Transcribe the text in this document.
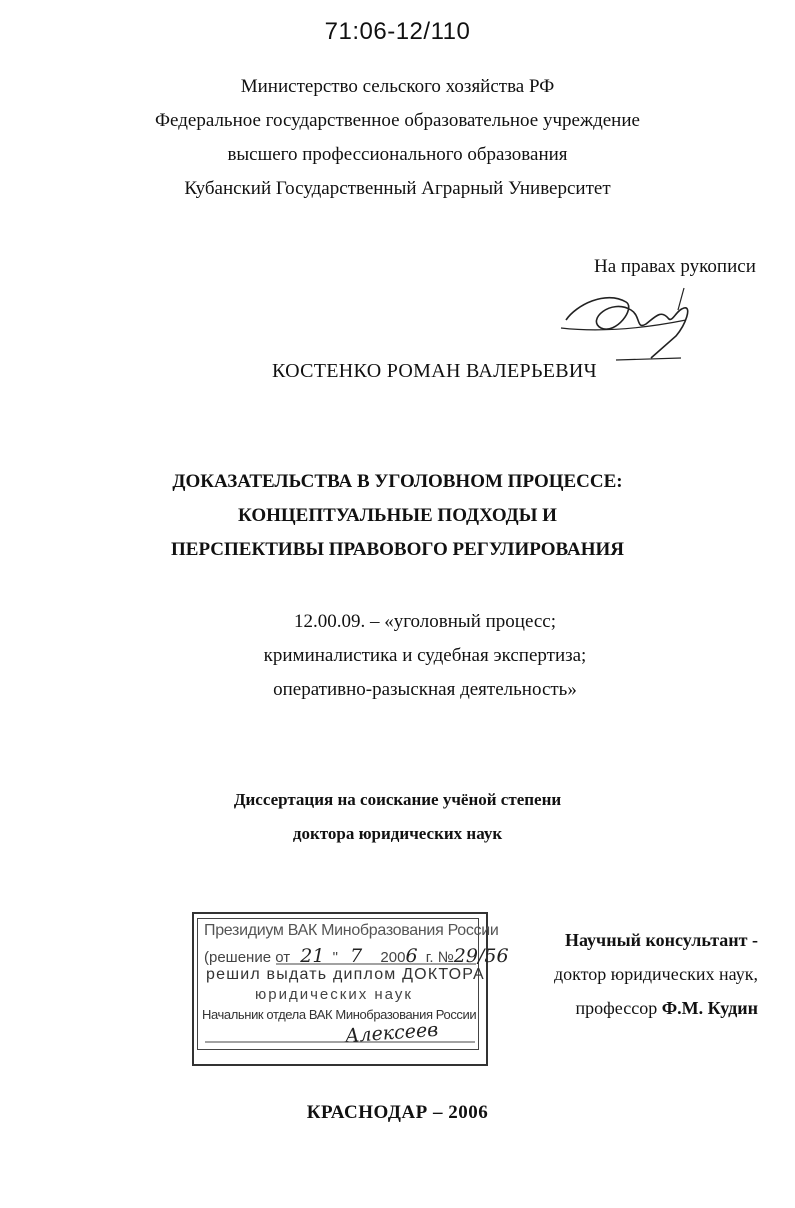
71:06-12/110
Министерство сельского хозяйства РФ
Федеральное государственное образовательное учреждение
высшего профессионального образования
Кубанский Государственный Аграрный Университет
На правах рукописи
КОСТЕНКО РОМАН ВАЛЕРЬЕВИЧ
ДОКАЗАТЕЛЬСТВА В УГОЛОВНОМ ПРОЦЕССЕ:
КОНЦЕПТУАЛЬНЫЕ ПОДХОДЫ И
ПЕРСПЕКТИВЫ ПРАВОВОГО РЕГУЛИРОВАНИЯ
12.00.09. – «уголовный процесс;
криминалистика и судебная экспертиза;
оперативно-разыскная деятельность»
Диссертация на соискание учёной степени
доктора юридических наук
Президиум ВАК Минобразования России
(решение от 21 " 7 2006 г. №29/56
решил выдать диплом ДОКТОРА
юридических наук
Начальник отдела ВАК Минобразования России
Алексеев
Научный консультант -
доктор юридических наук,
профессор Ф.М. Кудин
КРАСНОДАР – 2006
